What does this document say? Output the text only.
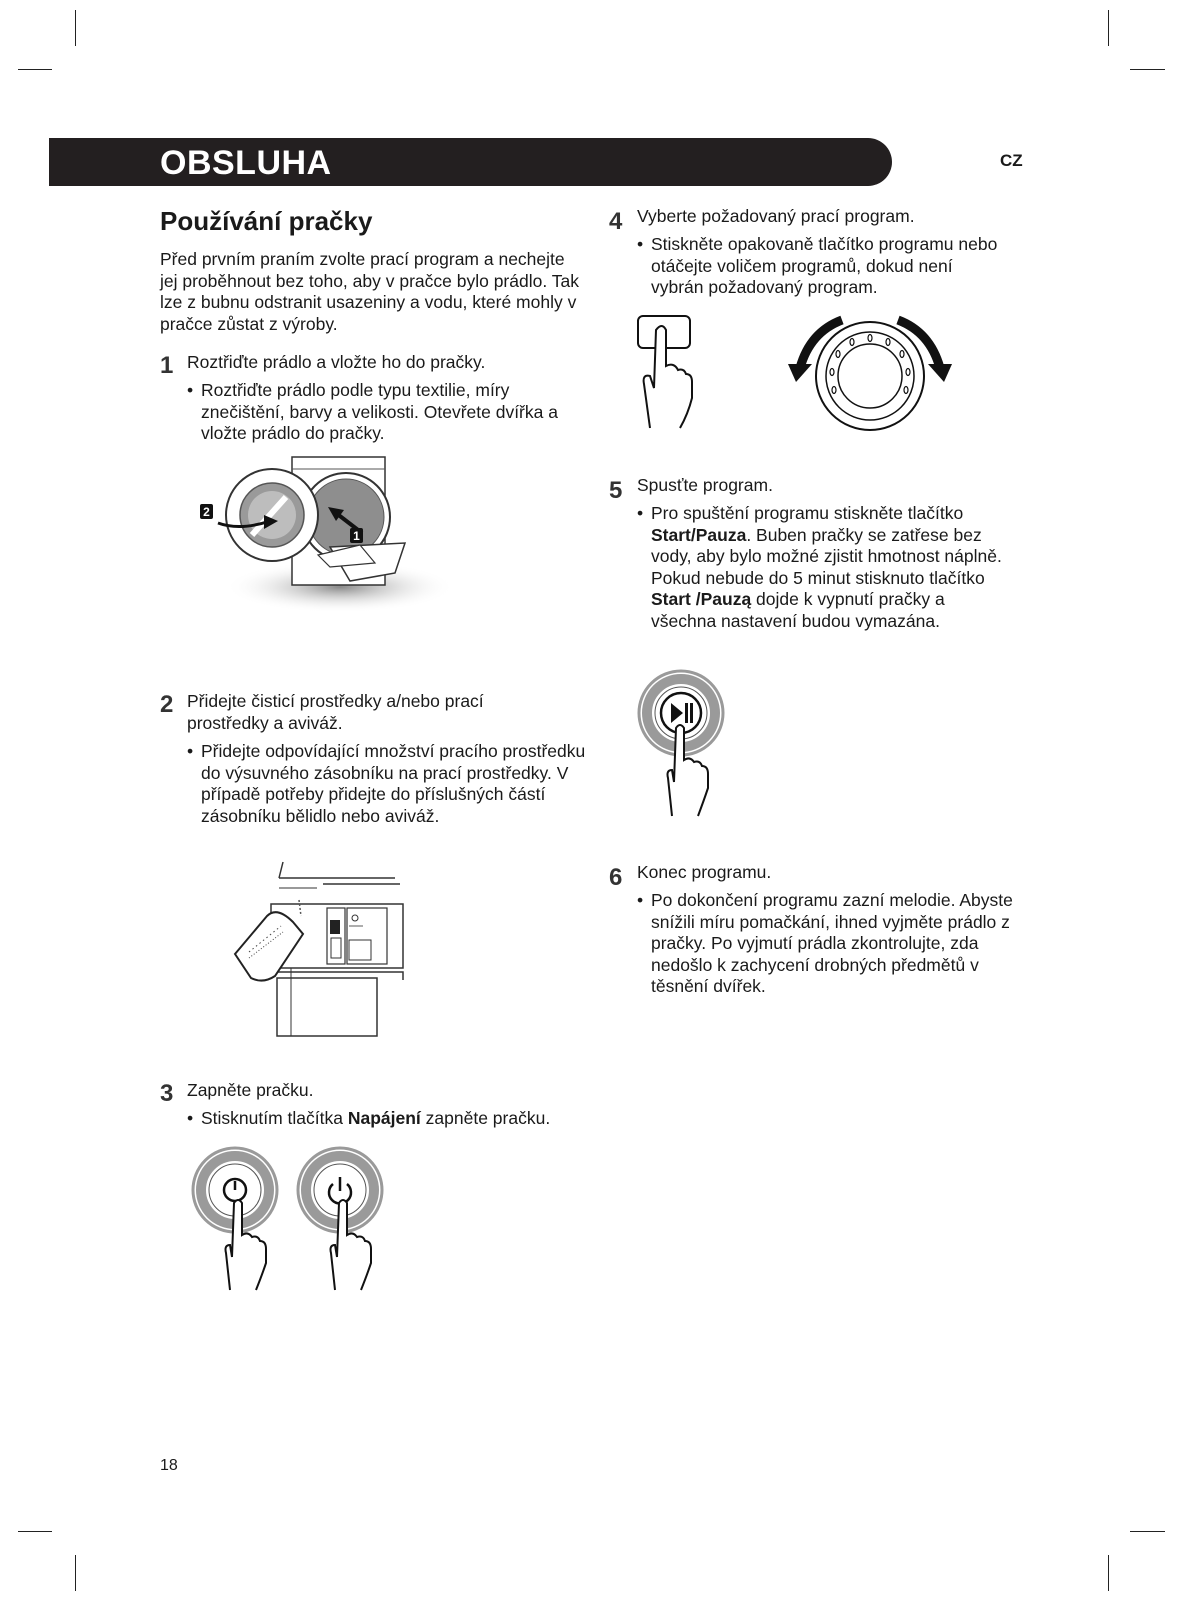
OBSLUHA	CZ
Používání pračky
Před prvním praním zvolte prací program a nechejte jej proběhnout bez toho, aby v pračce bylo prádlo. Tak lze z bubnu odstranit usazeniny a vodu, které mohly v pračce zůstat z výroby.
1 Roztřiďte prádlo a vložte ho do pračky.
• Roztřiďte prádlo podle typu textilie, míry znečištění, barvy a velikosti. Otevřete dvířka a vložte prádlo do pračky.
2
1
2 Přidejte čisticí prostředky a/nebo prací prostředky a aviváž.
• Přidejte odpovídající množství pracího prostředku do výsuvného zásobníku na prací prostředky. V případě potřeby přidejte do příslušných částí zásobníku bělidlo nebo aviváž.
3 Zapněte pračku.
• Stisknutím tlačítka Napájení zapněte pračku.
4 Vyberte požadovaný prací program.
• Stiskněte opakovaně tlačítko programu nebo otáčejte voličem programů, dokud není vybrán požadovaný program.
5 Spusťte program.
• Pro spuštění programu stiskněte tlačítko Start/Pauza. Buben pračky se zatřese bez vody, aby bylo možné zjistit hmotnost náplně. Pokud nebude do 5 minut stisknuto tlačítko Start /Pauzą dojde k vypnutí pračky a všechna nastavení budou vymazána.
6 Konec programu.
• Po dokončení programu zazní melodie. Abyste snížili míru pomačkání, ihned vyjměte prádlo z pračky. Po vyjmutí prádla zkontrolujte, zda nedošlo k zachycení drobných předmětů v těsnění dvířek.
18
